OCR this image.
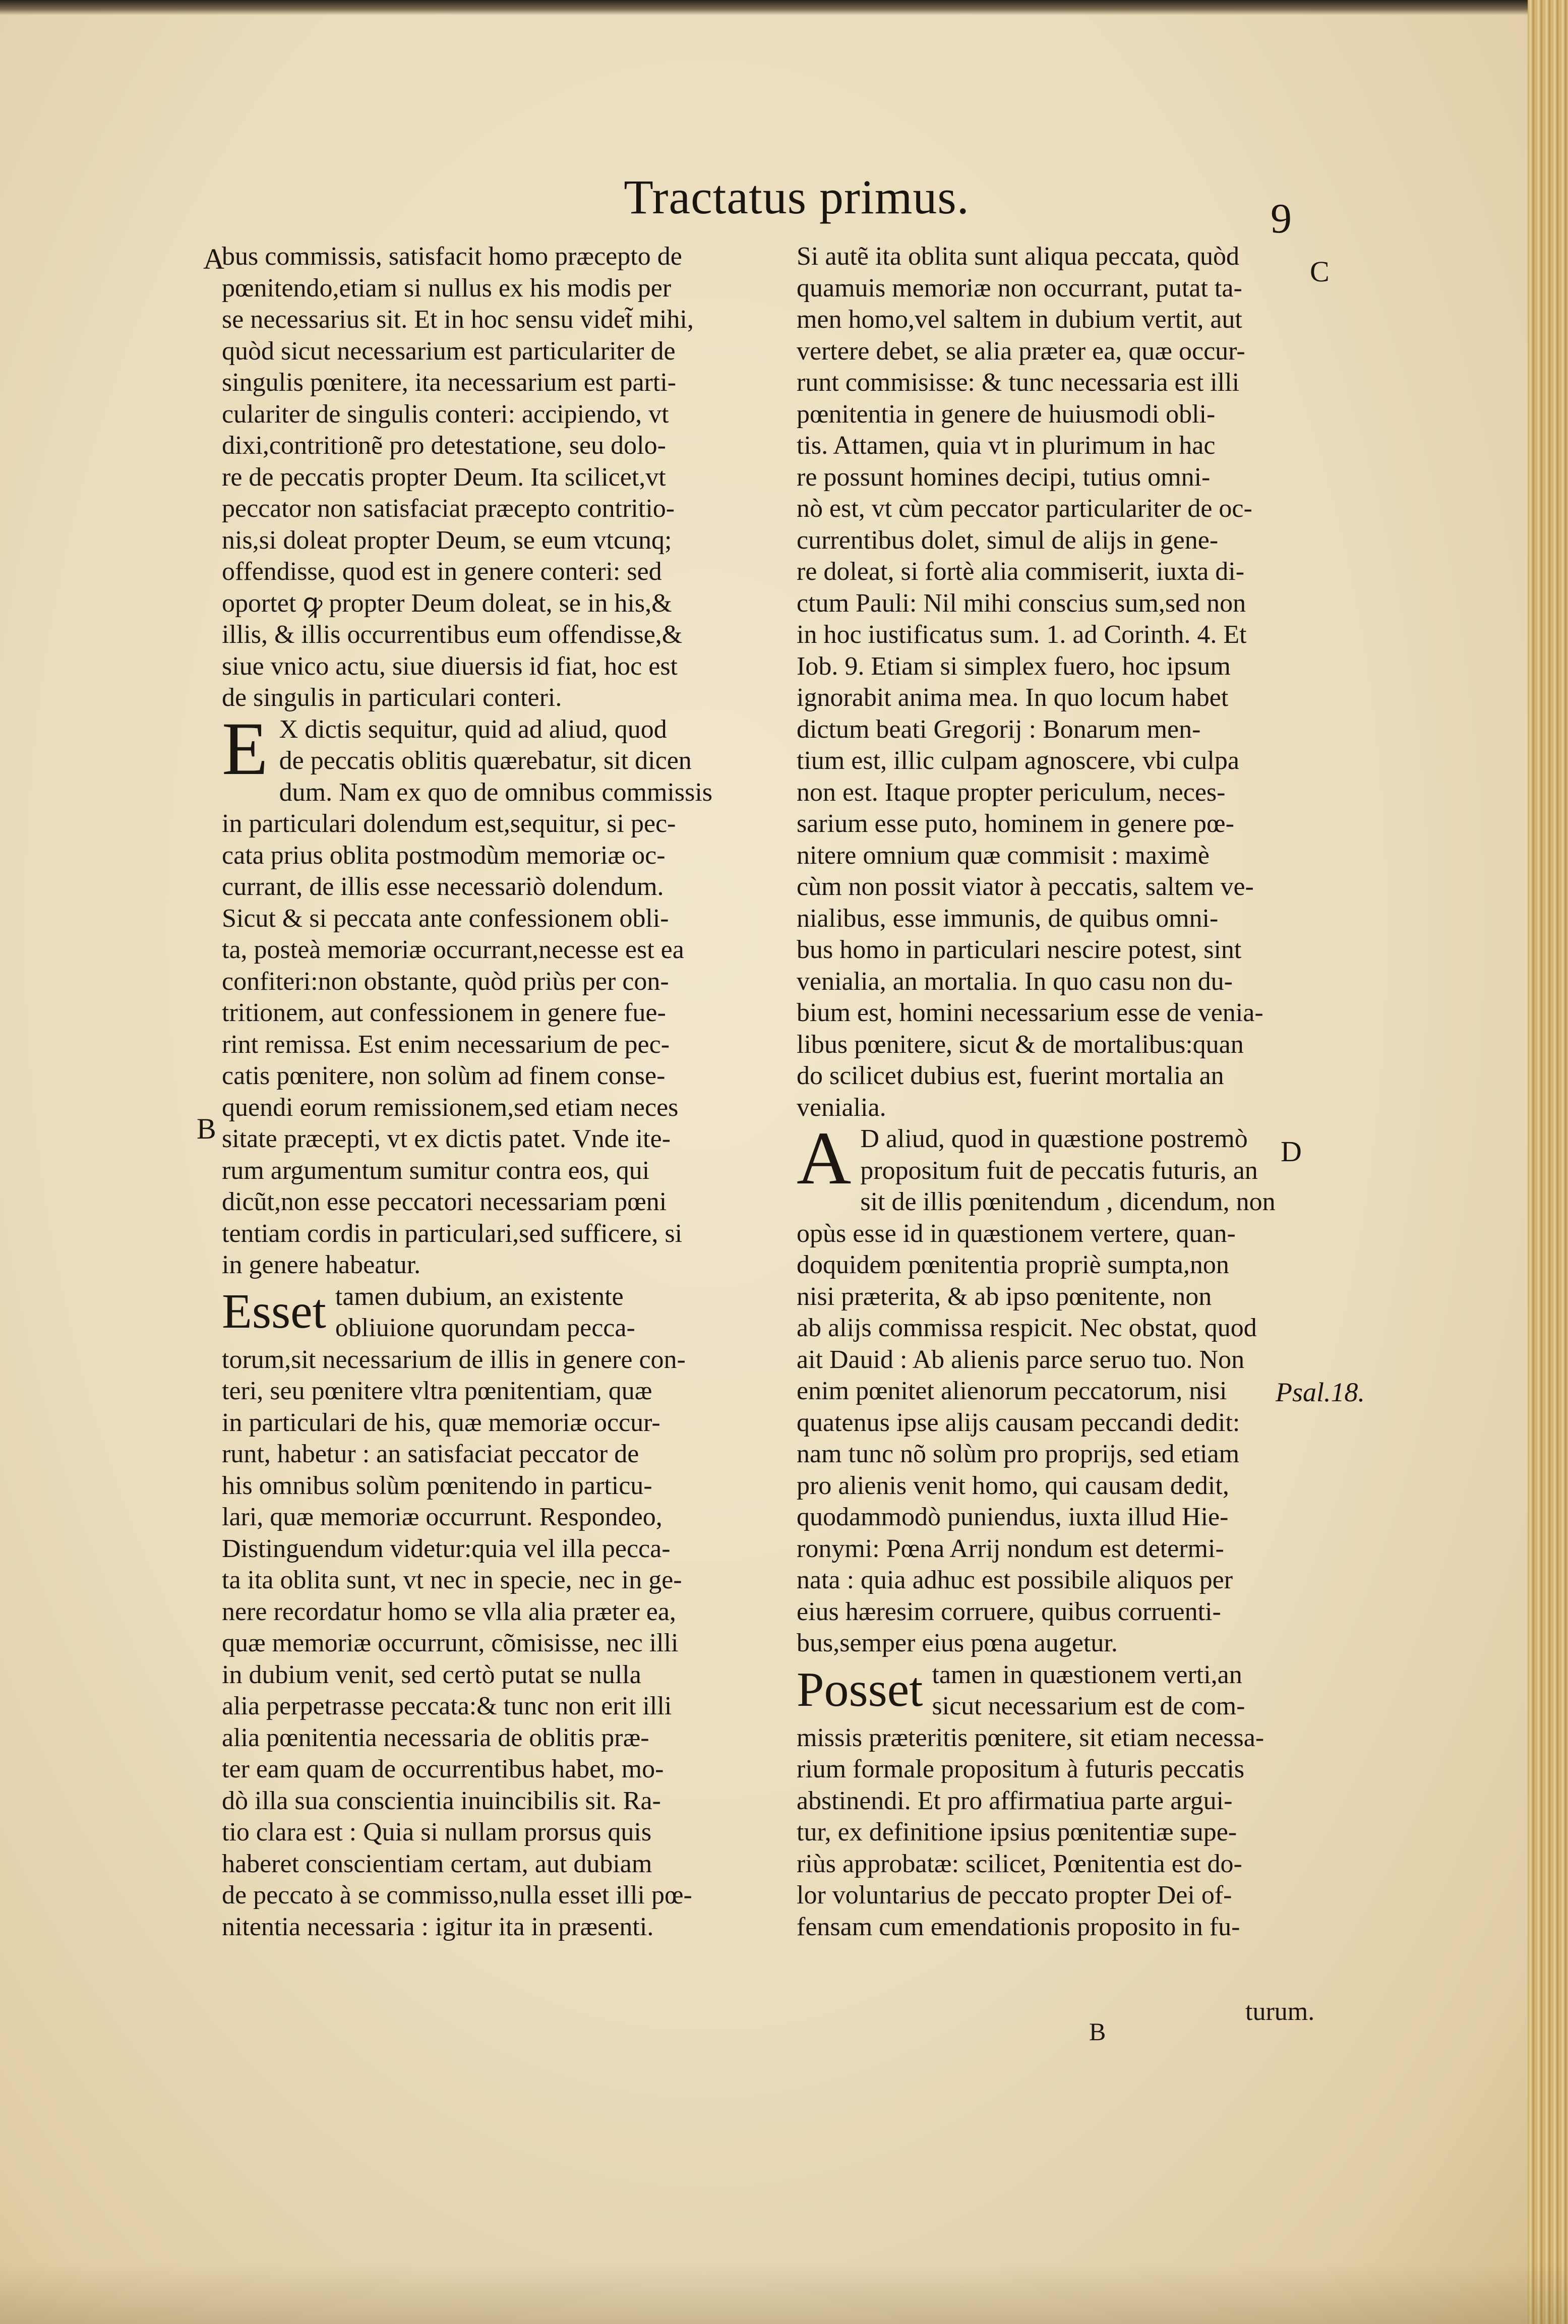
Tractatus primus.	9
A
B
C
D
Psal.18.
bus commissis, satisfacit homo præcepto de
pœnitendo,etiam si nullus ex his modis per
se necessarius sit. Et in hoc sensu videt̃ mihi,
quòd sicut necessarium est particulariter de
singulis pœnitere, ita necessarium est parti-
culariter de singulis conteri: accipiendo, vt
dixi,contritionẽ pro detestatione, seu dolo-
re de peccatis propter Deum. Ita scilicet,vt
peccator non satisfaciat præcepto contritio-
nis,si doleat propter Deum, se eum vtcunq;
offendisse, quod est in genere conteri: sed
oportet ꝙ propter Deum doleat, se in his,&
illis, & illis occurrentibus eum offendisse,&
siue vnico actu, siue diuersis id fiat, hoc est
de singulis in particulari conteri.
E X dictis sequitur, quid ad aliud, quod
de peccatis oblitis quærebatur, sit dicen
dum. Nam ex quo de omnibus commissis
in particulari dolendum est,sequitur, si pec-
cata prius oblita postmodùm memoriæ oc-
currant, de illis esse necessariò dolendum.
Sicut & si peccata ante confessionem obli-
ta, posteà memoriæ occurrant,necesse est ea
confiteri:non obstante, quòd priùs per con-
tritionem, aut confessionem in genere fue-
rint remissa. Est enim necessarium de pec-
catis pœnitere, non solùm ad finem conse-
quendi eorum remissionem,sed etiam neces
sitate præcepti, vt ex dictis patet. Vnde ite-
rum argumentum sumitur contra eos, qui
dicũt,non esse peccatori necessariam pœni
tentiam cordis in particulari,sed sufficere, si
in genere habeatur.
Esset tamen dubium, an existente
obliuione quorundam pecca-
torum,sit necessarium de illis in genere con-
teri, seu pœnitere vltra pœnitentiam, quæ
in particulari de his, quæ memoriæ occur-
runt, habetur : an satisfaciat peccator de
his omnibus solùm pœnitendo in particu-
lari, quæ memoriæ occurrunt. Respondeo,
Distinguendum videtur:quia vel illa pecca-
ta ita oblita sunt, vt nec in specie, nec in ge-
nere recordatur homo se vlla alia præter ea,
quæ memoriæ occurrunt, cõmisisse, nec illi
in dubium venit, sed certò putat se nulla
alia perpetrasse peccata:& tunc non erit illi
alia pœnitentia necessaria de oblitis præ-
ter eam quam de occurrentibus habet, mo-
dò illa sua conscientia inuincibilis sit. Ra-
tio clara est : Quia si nullam prorsus quis
haberet conscientiam certam, aut dubiam
de peccato à se commisso,nulla esset illi pœ-
nitentia necessaria : igitur ita in præsenti.
Si autẽ ita oblita sunt aliqua peccata, quòd
quamuis memoriæ non occurrant, putat ta-
men homo,vel saltem in dubium vertit, aut
vertere debet, se alia præter ea, quæ occur-
runt commisisse: & tunc necessaria est illi
pœnitentia in genere de huiusmodi obli-
tis. Attamen, quia vt in plurimum in hac
re possunt homines decipi, tutius omni-
nò est, vt cùm peccator particulariter de oc-
currentibus dolet, simul de alijs in gene-
re doleat, si fortè alia commiserit, iuxta di-
ctum Pauli: Nil mihi conscius sum,sed non
in hoc iustificatus sum. 1. ad Corinth. 4. Et
Iob. 9. Etiam si simplex fuero, hoc ipsum
ignorabit anima mea. In quo locum habet
dictum beati Gregorij : Bonarum men-
tium est, illic culpam agnoscere, vbi culpa
non est. Itaque propter periculum, neces-
sarium esse puto, hominem in genere pœ-
nitere omnium quæ commisit : maximè
cùm non possit viator à peccatis, saltem ve-
nialibus, esse immunis, de quibus omni-
bus homo in particulari nescire potest, sint
venialia, an mortalia. In quo casu non du-
bium est, homini necessarium esse de venia-
libus pœnitere, sicut & de mortalibus:quan
do scilicet dubius est, fuerint mortalia an
venialia.
A D aliud, quod in quæstione postremò
propositum fuit de peccatis futuris, an
sit de illis pœnitendum , dicendum, non
opùs esse id in quæstionem vertere, quan-
doquidem pœnitentia propriè sumpta,non
nisi præterita, & ab ipso pœnitente, non
ab alijs commissa respicit. Nec obstat, quod
ait Dauid : Ab alienis parce seruo tuo. Non
enim pœnitet alienorum peccatorum, nisi
quatenus ipse alijs causam peccandi dedit:
nam tunc nõ solùm pro proprijs, sed etiam
pro alienis venit homo, qui causam dedit,
quodammodò puniendus, iuxta illud Hie-
ronymi: Pœna Arrij nondum est determi-
nata : quia adhuc est possibile aliquos per
eius hæresim corruere, quibus corruenti-
bus,semper eius pœna augetur.
Posset tamen in quæstionem verti,an
sicut necessarium est de com-
missis præteritis pœnitere, sit etiam necessa-
rium formale propositum à futuris peccatis
abstinendi. Et pro affirmatiua parte argui-
tur, ex definitione ipsius pœnitentiæ supe-
riùs approbatæ: scilicet, Pœnitentia est do-
lor voluntarius de peccato propter Dei of-
fensam cum emendationis proposito in fu-
B
turum.
